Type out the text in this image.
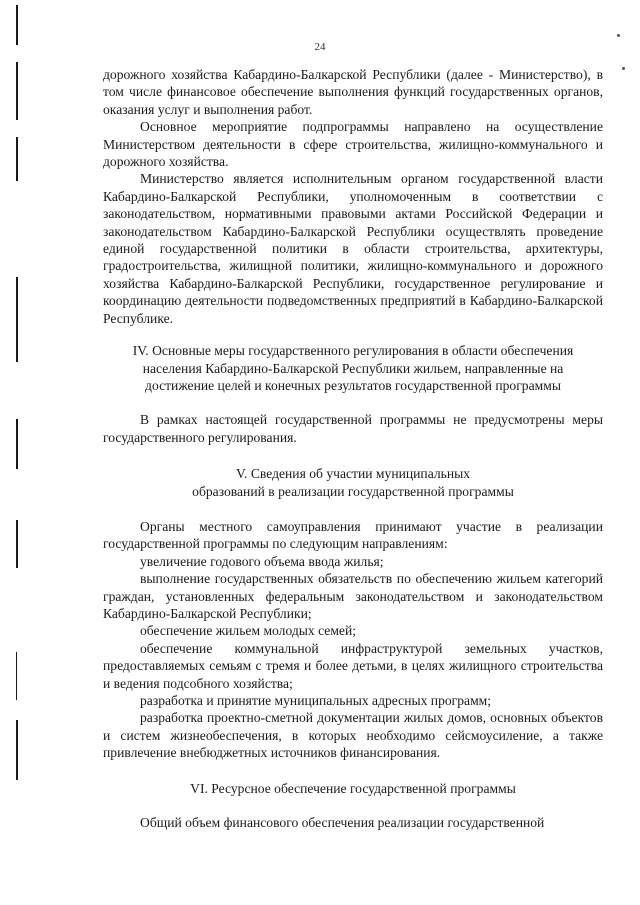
24

дорожного хозяйства Кабардино-Балкарской Республики (далее - Министерство), в том числе финансовое обеспечение выполнения функций государственных органов, оказания услуг и выполнения работ.

Основное мероприятие подпрограммы направлено на осуществление Министерством деятельности в сфере строительства, жилищно-коммунального и дорожного хозяйства.

Министерство является исполнительным органом государственной власти Кабардино-Балкарской Республики, уполномоченным в соответствии с законодательством, нормативными правовыми актами Российской Федерации и законодательством Кабардино-Балкарской Республики осуществлять проведение единой государственной политики в области строительства, архитектуры, градостроительства, жилищной политики, жилищно-коммунального и дорожного хозяйства Кабардино-Балкарской Республики, государственное регулирование и координацию деятельности подведомственных предприятий в Кабардино-Балкарской Республике.

IV. Основные меры государственного регулирования в области обеспечения
населения Кабардино-Балкарской Республики жильем, направленные на
достижение целей и конечных результатов государственной программы

В рамках настоящей государственной программы не предусмотрены меры государственного регулирования.

V. Сведения об участии муниципальных
образований в реализации государственной программы

Органы местного самоуправления принимают участие в реализации государственной программы по следующим направлениям:

увеличение годового объема ввода жилья;

выполнение государственных обязательств по обеспечению жильем категорий граждан, установленных федеральным законодательством и законодательством Кабардино-Балкарской Республики;

обеспечение жильем молодых семей;

обеспечение коммунальной инфраструктурой земельных участков, предоставляемых семьям с тремя и более детьми, в целях жилищного строительства и ведения подсобного хозяйства;

разработка и принятие муниципальных адресных программ;

разработка проектно-сметной документации жилых домов, основных объектов и систем жизнеобеспечения, в которых необходимо сейсмоусиление, а также привлечение внебюджетных источников финансирования.

VI. Ресурсное обеспечение государственной программы

Общий объем финансового обеспечения реализации государственной
